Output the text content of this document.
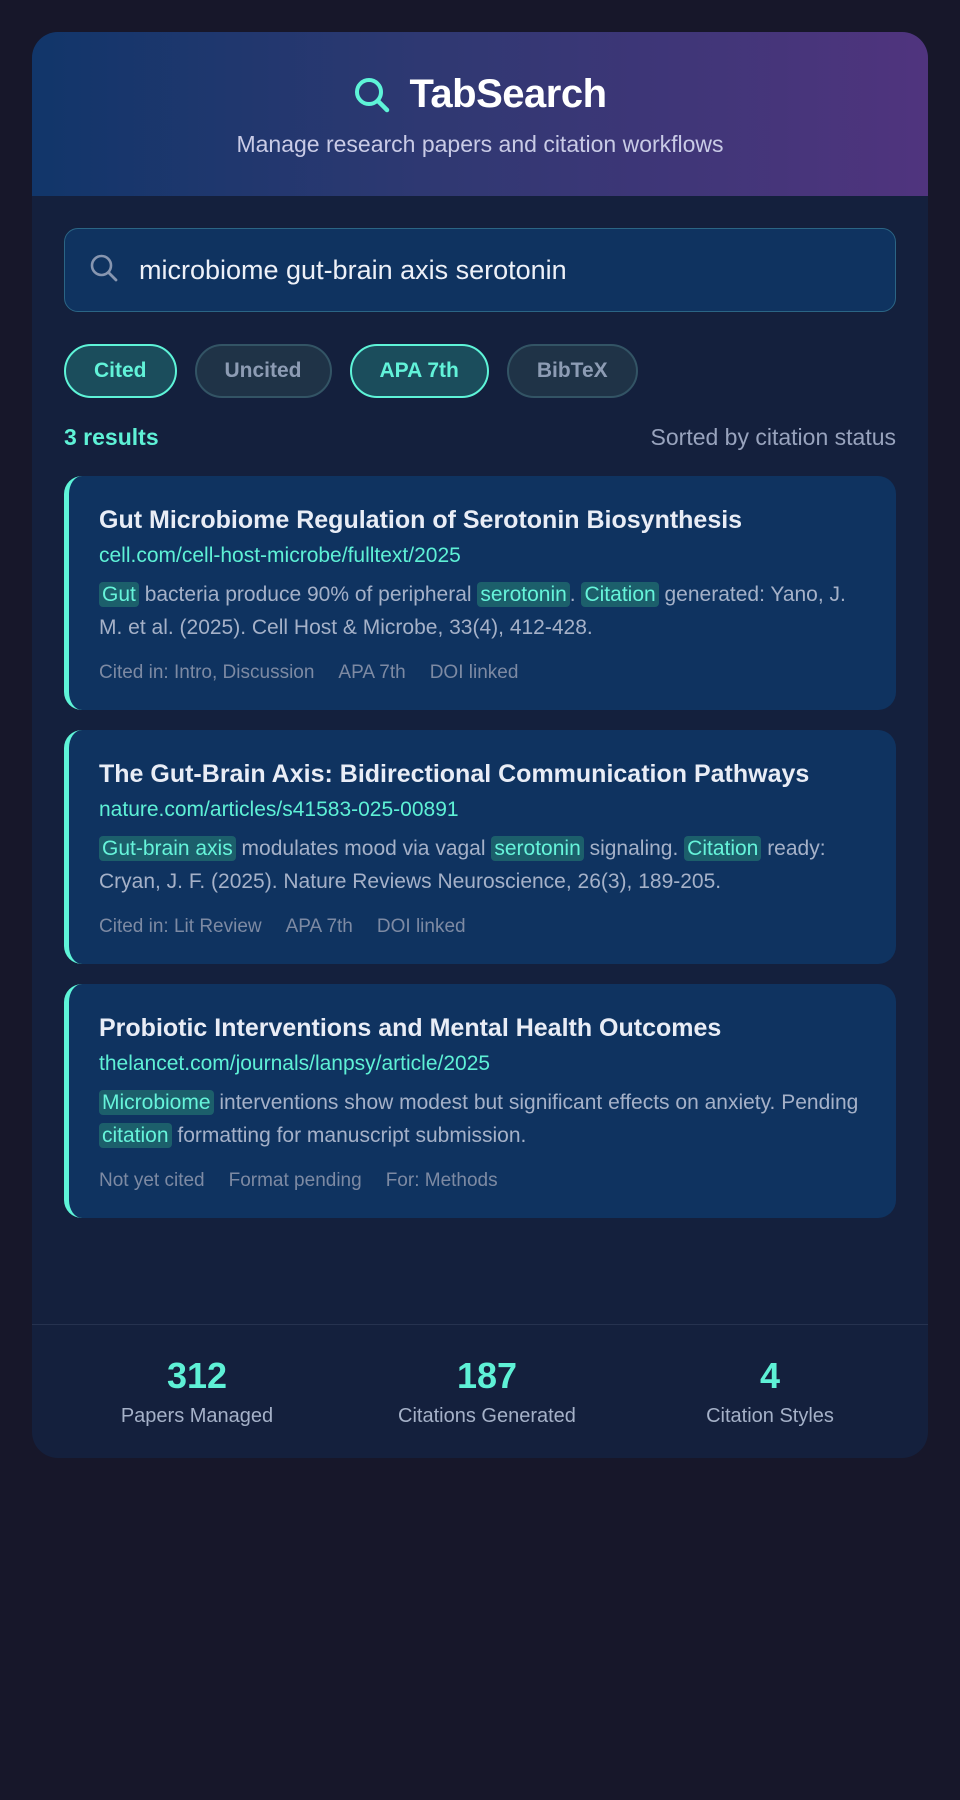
TabSearch
Manage research papers and citation workflows
microbiome gut-brain axis serotonin
Cited	Uncited	APA 7th	BibTeX
3 results	Sorted by citation status
Gut Microbiome Regulation of Serotonin Biosynthesis
cell.com/cell-host-microbe/fulltext/2025
Gut bacteria produce 90% of peripheral serotonin . Citation generated: Yano, J. M. et al. (2025). Cell Host & Microbe, 33(4), 412-428.
Cited in: Intro, Discussion APA 7th DOI linked
The Gut-Brain Axis: Bidirectional Communication Pathways
nature.com/articles/s41583-025-00891
Gut-brain axis modulates mood via vagal serotonin signaling. Citation ready: Cryan, J. F. (2025). Nature Reviews Neuroscience, 26(3), 189-205.
Cited in: Lit Review APA 7th DOI linked
Probiotic Interventions and Mental Health Outcomes
thelancet.com/journals/lanpsy/article/2025
Microbiome interventions show modest but significant effects on anxiety. Pending citation formatting for manuscript submission.
Not yet cited Format pending For: Methods
312
Papers Managed
187
Citations Generated
4
Citation Styles
